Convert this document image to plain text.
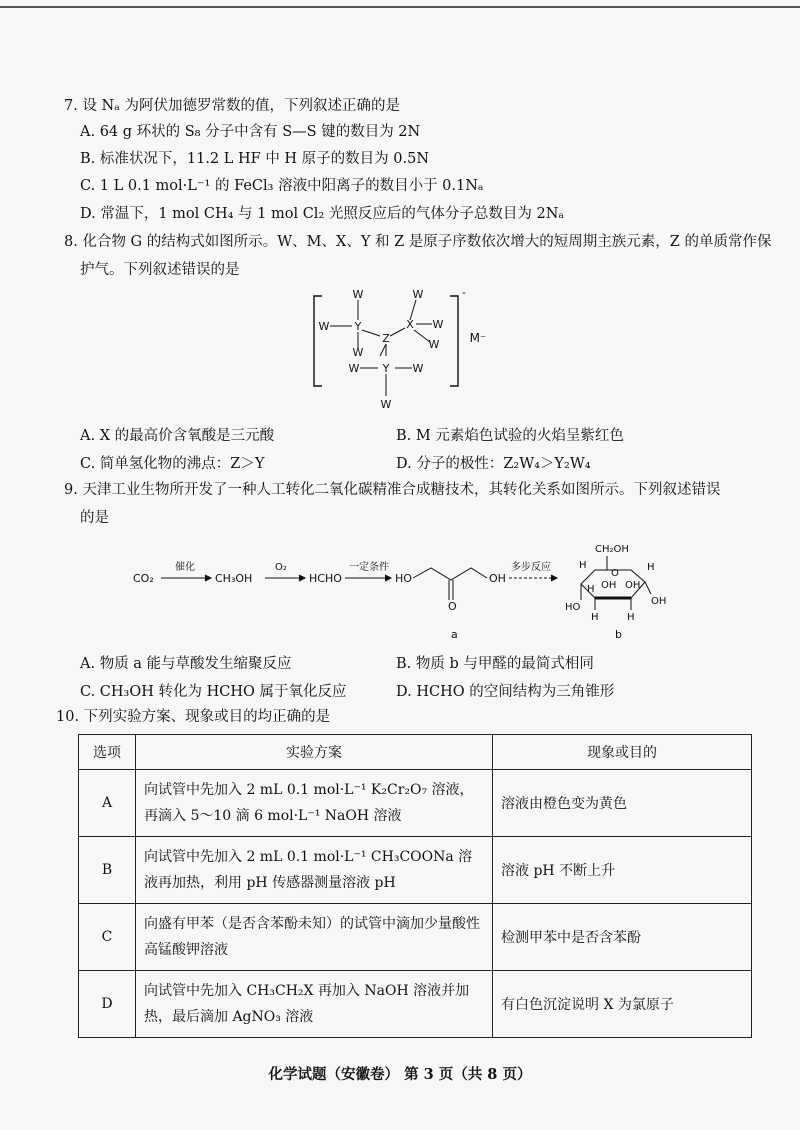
7. 设 Nₐ 为阿伏加德罗常数的值，下列叙述正确的是
A. 64 g 环状的 S₈ 分子中含有 S—S 键的数目为 2N
B. 标准状况下，11.2 L HF 中 H 原子的数目为 0.5N
C. 1 L 0.1 mol·L⁻¹ 的 FeCl₃ 溶液中阳离子的数目小于 0.1Nₐ
D. 常温下，1 mol CH₄ 与 1 mol Cl₂ 光照反应后的气体分子总数目为 2Nₐ
8. 化合物 G 的结构式如图所示。W、M、X、Y 和 Z 是原子序数依次增大的短周期主族元素，Z 的单质常作保
护气。下列叙述错误的是
W
W
W
Y	X
W
Z
W
W
W Y W
W
-
M⁻
A. X 的最高价含氧酸是三元酸	B. M 元素焰色试验的火焰呈紫红色
C. 简单氢化物的沸点：Z＞Y	D. 分子的极性：Z₂W₄＞Y₂W₄
9. 天津工业生物所开发了一种人工转化二氧化碳精准合成糖技术，其转化关系如图所示。下列叙述错误
的是
CO₂
催化
CH₃OH
O₂
HCHO
一定条件
HO	OH
O
多步反应
a	b
CH₂OH
O
H	H
H OH OH
OH
HO
H	H
A. 物质 a 能与草酸发生缩聚反应	B. 物质 b 与甲醛的最简式相同
C. CH₃OH 转化为 HCHO 属于氧化反应	D. HCHO 的空间结构为三角锥形
10. 下列实验方案、现象或目的均正确的是
选项	实验方案	现象或目的
A	向试管中先加入 2 mL 0.1 mol·L⁻¹ K₂Cr₂O₇ 溶液，
再滴入 5～10 滴 6 mol·L⁻¹ NaOH 溶液	溶液由橙色变为黄色
B	向试管中先加入 2 mL 0.1 mol·L⁻¹ CH₃COONa 溶
液再加热，利用 pH 传感器测量溶液 pH	溶液 pH 不断上升
C	向盛有甲苯（是否含苯酚未知）的试管中滴加少量酸性
高锰酸钾溶液	检测甲苯中是否含苯酚
D	向试管中先加入 CH₃CH₂X 再加入 NaOH 溶液并加
热，最后滴加 AgNO₃ 溶液	有白色沉淀说明 X 为氯原子
化学试题（安徽卷） 第 3 页（共 8 页）
